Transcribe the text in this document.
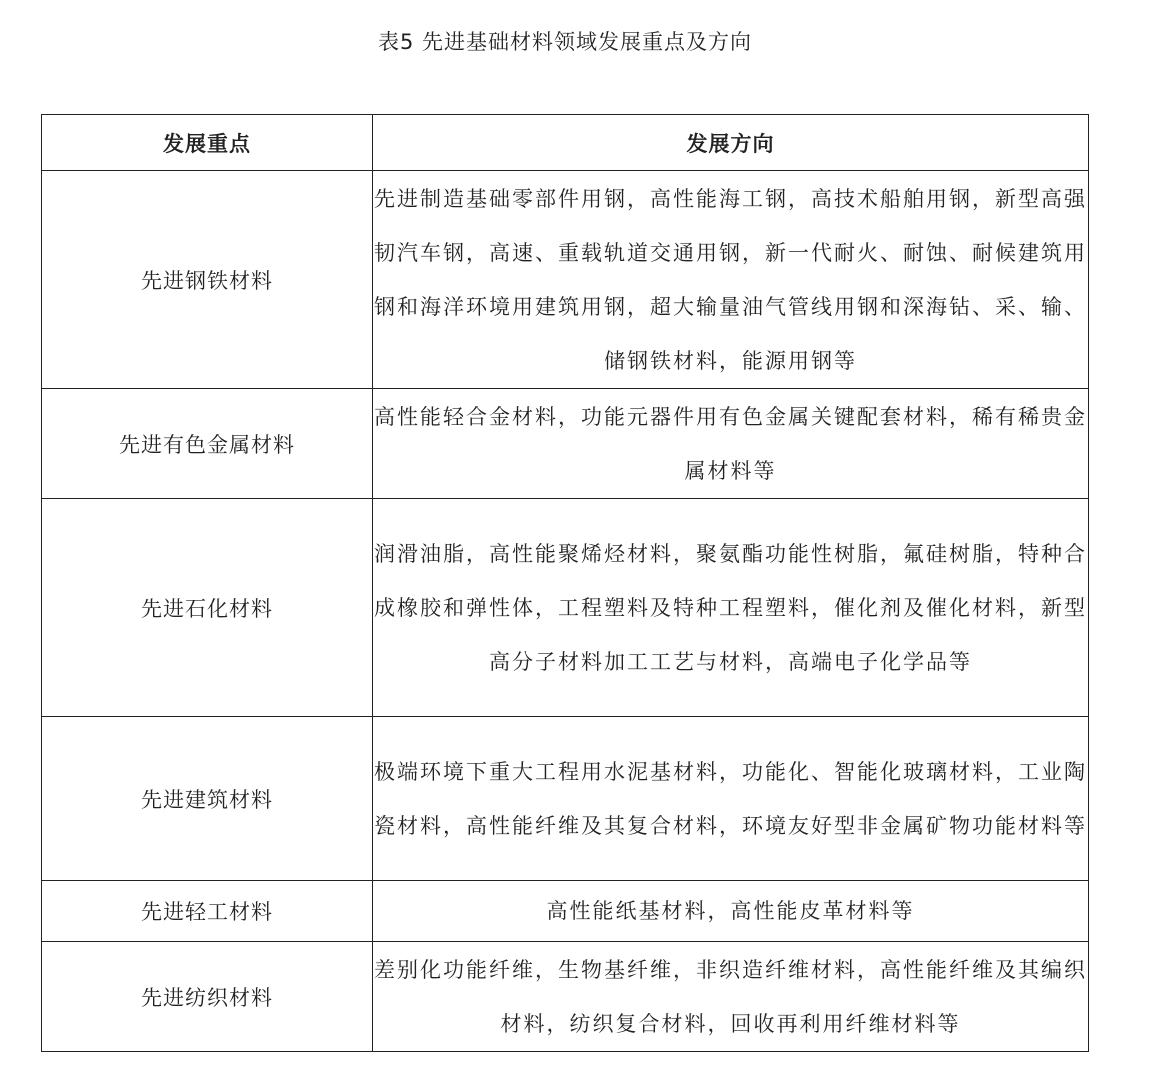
表5 先进基础材料领域发展重点及方向
发展重点	发展方向
先进钢铁材料	先进制造基础零部件用钢，高性能海工钢，高技术船舶用钢，新型高强韧汽车钢，高速、重载轨道交通用钢，新一代耐火、耐蚀、耐候建筑用钢和海洋环境用建筑用钢，超大输量油气管线用钢和深海钻、采、输、储钢铁材料，能源用钢等
先进有色金属材料	高性能轻合金材料，功能元器件用有色金属关键配套材料，稀有稀贵金属材料等
先进石化材料	润滑油脂，高性能聚烯烃材料，聚氨酯功能性树脂，氟硅树脂，特种合成橡胶和弹性体，工程塑料及特种工程塑料，催化剂及催化材料，新型高分子材料加工工艺与材料，高端电子化学品等
先进建筑材料	极端环境下重大工程用水泥基材料，功能化、智能化玻璃材料，工业陶瓷材料，高性能纤维及其复合材料，环境友好型非金属矿物功能材料等
先进轻工材料	高性能纸基材料，高性能皮革材料等
先进纺织材料	差别化功能纤维，生物基纤维，非织造纤维材料，高性能纤维及其编织材料，纺织复合材料，回收再利用纤维材料等
